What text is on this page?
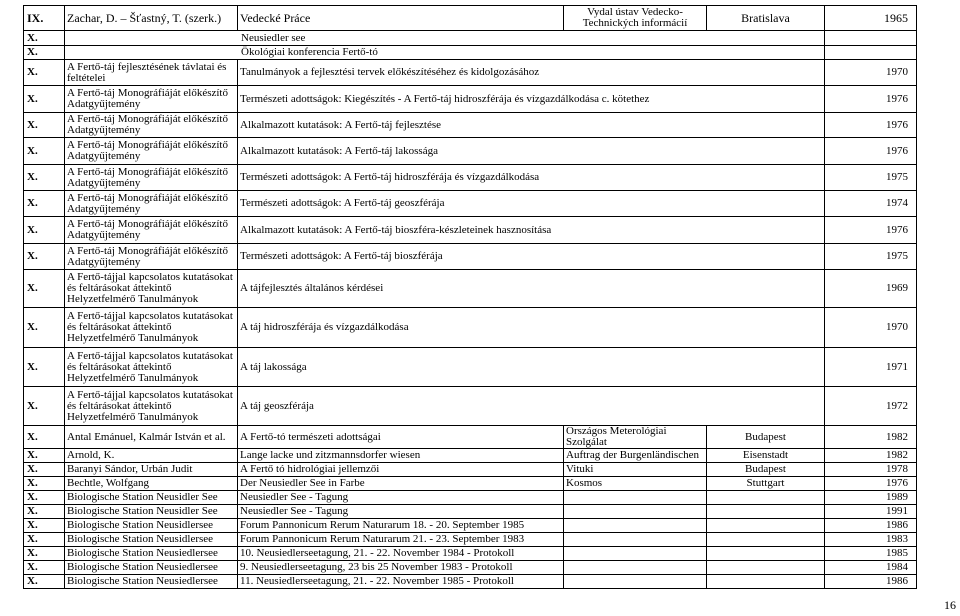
IX.	Zachar, D. – Šťastný, T. (szerk.)	Vedecké Práce	Vydal ústav Vedecko-Technických informácií	Bratislava	1965
X.	Neusiedler see				
X.	Ökológiai konferencia Fertő-tó				
X.	A Fertő-táj fejlesztésének távlatai és feltételei	Tanulmányok a fejlesztési tervek előkészítéséhez és kidolgozásához			1970
X.	A Fertő-táj Monográfiáját előkészítő Adatgyűjtemény	Természeti adottságok: Kiegészítés - A Fertő-táj hidroszférája és vízgazdálkodása c. kötethez			1976
X.	A Fertő-táj Monográfiáját előkészítő Adatgyűjtemény	Alkalmazott kutatások: A Fertő-táj fejlesztése			1976
X.	A Fertő-táj Monográfiáját előkészítő Adatgyűjtemény	Alkalmazott kutatások: A Fertő-táj lakossága			1976
X.	A Fertő-táj Monográfiáját előkészítő Adatgyűjtemény	Természeti adottságok: A Fertő-táj hidroszférája és vízgazdálkodása			1975
X.	A Fertő-táj Monográfiáját előkészítő Adatgyűjtemény	Természeti adottságok: A Fertő-táj geoszférája			1974
X.	A Fertő-táj Monográfiáját előkészítő Adatgyűjtemény	Alkalmazott kutatások: A Fertő-táj bioszféra-készleteinek hasznosítása			1976
X.	A Fertő-táj Monográfiáját előkészítő Adatgyűjtemény	Természeti adottságok: A Fertő-táj bioszférája			1975
X.	A Fertő-tájjal kapcsolatos kutatásokat és feltárásokat áttekintő Helyzetfelmérő Tanulmányok	A tájfejlesztés általános kérdései			1969
X.	A Fertő-tájjal kapcsolatos kutatásokat és feltárásokat áttekintő Helyzetfelmérő Tanulmányok	A táj hidroszférája és vízgazdálkodása			1970
X.	A Fertő-tájjal kapcsolatos kutatásokat és feltárásokat áttekintő Helyzetfelmérő Tanulmányok	A táj lakossága			1971
X.	A Fertő-tájjal kapcsolatos kutatásokat és feltárásokat áttekintő Helyzetfelmérő Tanulmányok	A táj geoszférája			1972
X.	Antal Emánuel, Kalmár István et al.	A Fertő-tó természeti adottságai	Országos Meterológiai Szolgálat	Budapest	1982
X.	Arnold, K.	Lange lacke und zitzmannsdorfer wiesen	Auftrag der Burgenländischen	Eisenstadt	1982
X.	Baranyi Sándor, Urbán Judit	A Fertő tó hidrológiai jellemzői	Vituki	Budapest	1978
X.	Bechtle, Wolfgang	Der Neusiedler See in Farbe	Kosmos	Stuttgart	1976
X.	Biologische Station Neusidler See	Neusiedler See - Tagung			1989
X.	Biologische Station Neusidler See	Neusiedler See - Tagung			1991
X.	Biologische Station Neusidlersee	Forum Pannonicum Rerum Naturarum 18. - 20. September 1985			1986
X.	Biologische Station Neusidlersee	Forum Pannonicum Rerum Naturarum 21. - 23. September 1983			1983
X.	Biologische Station Neusiedlersee	10. Neusiedlerseetagung, 21. - 22. November 1984 - Protokoll			1985
X.	Biologische Station Neusiedlersee	9. Neusiedlerseetagung, 23 bis 25 November 1983 - Protokoll			1984
X.	Biologische Station Neusiedlersee	11. Neusiedlerseetagung, 21. - 22. November 1985 - Protokoll			1986
16
